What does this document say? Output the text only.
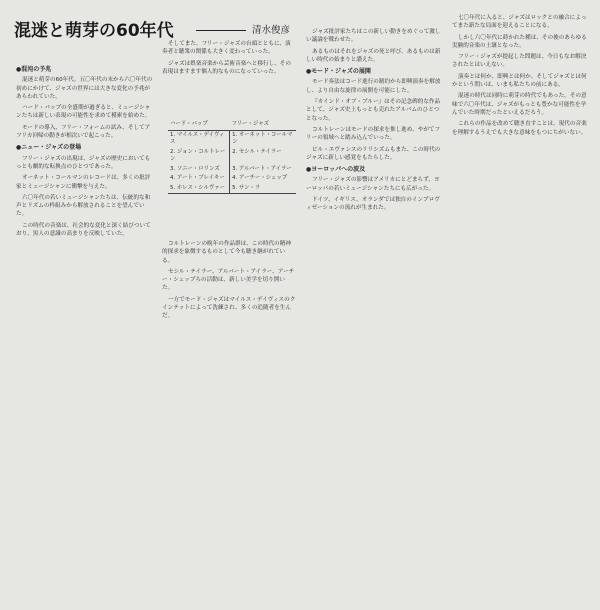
混迷と萌芽の60年代	清水俊彦
●混沌の予兆

混迷と萌芽の60年代。五〇年代の末から六〇年代の初めにかけて、ジャズの世界には大きな変化の予兆があらわれていた。

ハード・バップの全盛期が過ぎると、ミュージシャンたちは新しい表現の可能性を求めて模索を始めた。

モードの導入、フリー・フォームの試み、そしてアフリカ回帰の動きが相次いで起こった。

●ニュー・ジャズの登場

フリー・ジャズの出現は、ジャズの歴史においてもっとも劇的な転換点のひとつであった。

オーネット・コールマンのレコードは、多くの批評家とミュージシャンに衝撃を与えた。

六〇年代の若いミュージシャンたちは、伝統的な和声とリズムの枠組みから解放されることを望んでいた。

この時代の音楽は、社会的な変化と深く結びついており、黒人の意識の高まりを反映していた。

そしてまた、フリー・ジャズの台頭とともに、演奏者と聴衆の関係も大きく変わっていった。

ジャズは娯楽音楽から芸術音楽へと移行し、その表現はますます個人的なものになっていった。

コルトレーンの晩年の作品群は、この時代の精神的探求を象徴するものとして今も聴き継がれている。

セシル・テイラー、アルバート・アイラー、アーチー・シェップらの活動は、新しい美学を切り開いた。

一方でモード・ジャズはマイルス・デイヴィスのクインテットによって洗練され、多くの追随者を生んだ。

ハード・バップ	フリー・ジャズ
1. マイルス・デイヴィス	1. オーネット・コールマン
2. ジョン・コルトレーン	2. セシル・テイラー
3. ソニー・ロリンズ	3. アルバート・アイラー
4. アート・ブレイキー	4. アーチー・シェップ
5. ホレス・シルヴァー	5. サン・ラ

ジャズ批評家たちはこの新しい動きをめぐって激しい議論を戦わせた。

あるものはそれをジャズの死と呼び、あるものは新しい時代の始まりと讃えた。

●モード・ジャズの展開

モード奏法はコード進行の制約から即興演奏を解放し、より自由な旋律の展開を可能にした。

『カインド・オブ・ブルー』はその記念碑的な作品として、ジャズ史上もっとも売れたアルバムのひとつとなった。

コルトレーンはモードの探求を推し進め、やがてフリーの領域へと踏み込んでいった。

ビル・エヴァンスのリリシズムもまた、この時代のジャズに新しい感覚をもたらした。

●ヨーロッパへの波及

フリー・ジャズの影響はアメリカにとどまらず、ヨーロッパの若いミュージシャンたちにも広がった。

ドイツ、イギリス、オランダでは独自のインプロヴィゼーションの流れが生まれた。

七〇年代に入ると、ジャズはロックとの融合によってまた新たな局面を迎えることになる。

しかし六〇年代に蒔かれた種は、その後のあらゆる実験的音楽の土壌となった。

フリー・ジャズが提起した問題は、今日もなお解決されたとはいえない。

演奏とは何か、即興とは何か、そしてジャズとは何かという問いは、いまも私たちの前にある。

混迷の時代は同時に萌芽の時代でもあった。その意味で六〇年代は、ジャズがもっとも豊かな可能性を孕んでいた時期だったといえるだろう。

これらの作品を改めて聴き直すことは、現代の音楽を理解するうえでも大きな意味をもつにちがいない。
